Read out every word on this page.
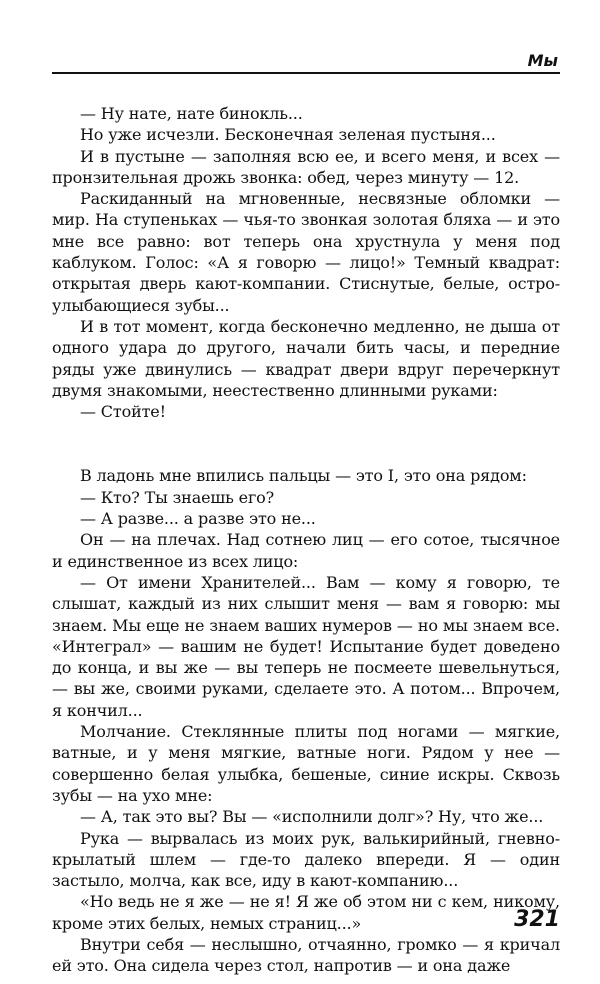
Мы

— Ну нате, нате бинокль...

Но уже исчезли. Бесконечная зеленая пустыня...

И в пустыне — заполняя всю ее, и всего меня, и всех — пронзительная дрожь звонка: обед, через минуту — 12.

Раскиданный на мгновенные, несвязные обломки — мир. На ступеньках — чья-то звонкая золотая бляха — и это мне все равно: вот теперь она хрустнула у меня под каблуком. Голос: «А я говорю — лицо!» Темный квадрат: открытая дверь кают-компании. Стиснутые, белые, остро-улыбающиеся зубы...

И в тот момент, когда бесконечно медленно, не дыша от одного удара до другого, начали бить часы, и передние ряды уже двинулись — квадрат двери вдруг перечеркнут двумя знакомыми, неестественно длинными руками:

— Стойте!

В ладонь мне впились пальцы — это I, это она рядом:

— Кто? Ты знаешь его?

— А разве... а разве это не...

Он — на плечах. Над сотнею лиц — его сотое, тысячное и единственное из всех лицо:

— От имени Хранителей... Вам — кому я говорю, те слышат, каждый из них слышит меня — вам я говорю: мы знаем. Мы еще не знаем ваших нумеров — но мы знаем все. «Интеграл» — вашим не будет! Испытание будет доведено до конца, и вы же — вы теперь не посмеете шевельнуться, — вы же, своими руками, сделаете это. А потом... Впрочем, я кончил...

Молчание. Стеклянные плиты под ногами — мягкие, ватные, и у меня мягкие, ватные ноги. Рядом у нее — совершенно белая улыбка, бешеные, синие искры. Сквозь зубы — на ухо мне:

— А, так это вы? Вы — «исполнили долг»? Ну, что же...

Рука — вырвалась из моих рук, валькирийный, гневно-крылатый шлем — где-то далеко впереди. Я — один застыло, молча, как все, иду в кают-компанию...

«Но ведь не я же — не я! Я же об этом ни с кем, никому, кроме этих белых, немых страниц...»

Внутри себя — неслышно, отчаянно, громко — я кричал ей это. Она сидела через стол, напротив — и она даже

321
